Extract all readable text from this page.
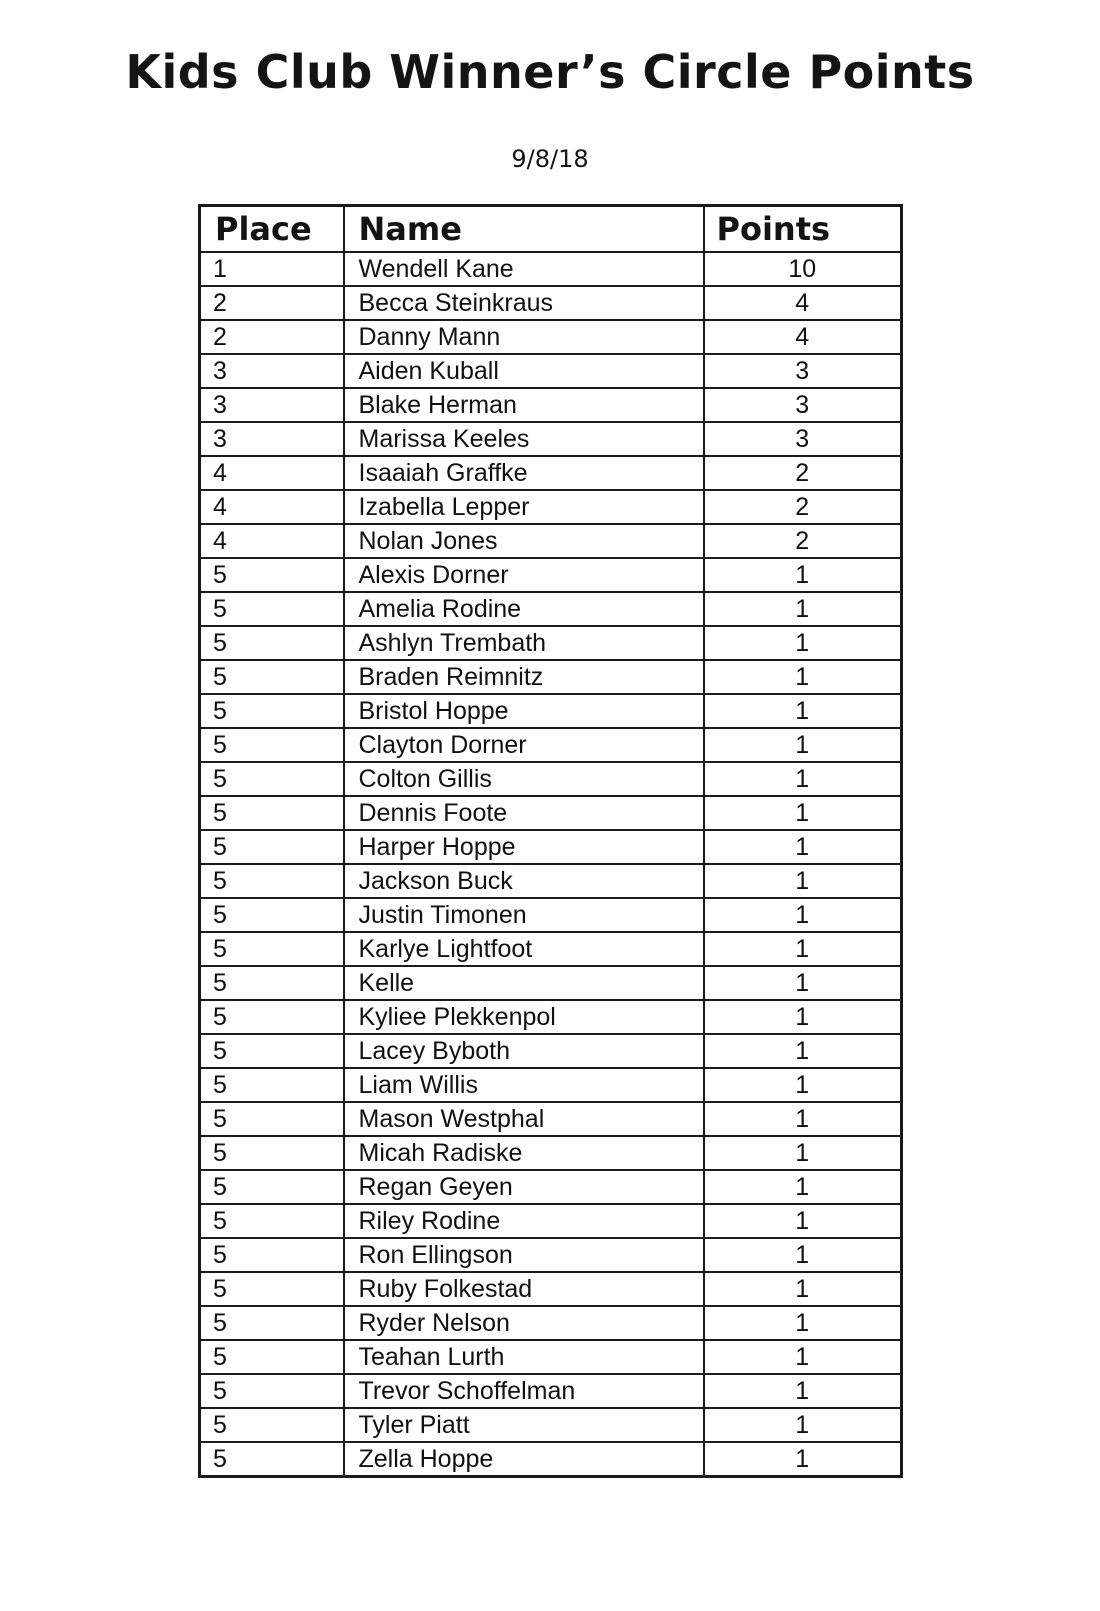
Kids Club Winner’s Circle Points
9/8/18
Place	Name	Points
1	Wendell Kane	10
2	Becca Steinkraus	4
2	Danny Mann	4
3	Aiden Kuball	3
3	Blake Herman	3
3	Marissa Keeles	3
4	Isaaiah Graffke	2
4	Izabella Lepper	2
4	Nolan Jones	2
5	Alexis Dorner	1
5	Amelia Rodine	1
5	Ashlyn Trembath	1
5	Braden Reimnitz	1
5	Bristol Hoppe	1
5	Clayton Dorner	1
5	Colton Gillis	1
5	Dennis Foote	1
5	Harper Hoppe	1
5	Jackson Buck	1
5	Justin Timonen	1
5	Karlye Lightfoot	1
5	Kelle	1
5	Kyliee Plekkenpol	1
5	Lacey Byboth	1
5	Liam Willis	1
5	Mason Westphal	1
5	Micah Radiske	1
5	Regan Geyen	1
5	Riley Rodine	1
5	Ron Ellingson	1
5	Ruby Folkestad	1
5	Ryder Nelson	1
5	Teahan Lurth	1
5	Trevor Schoffelman	1
5	Tyler Piatt	1
5	Zella Hoppe	1
